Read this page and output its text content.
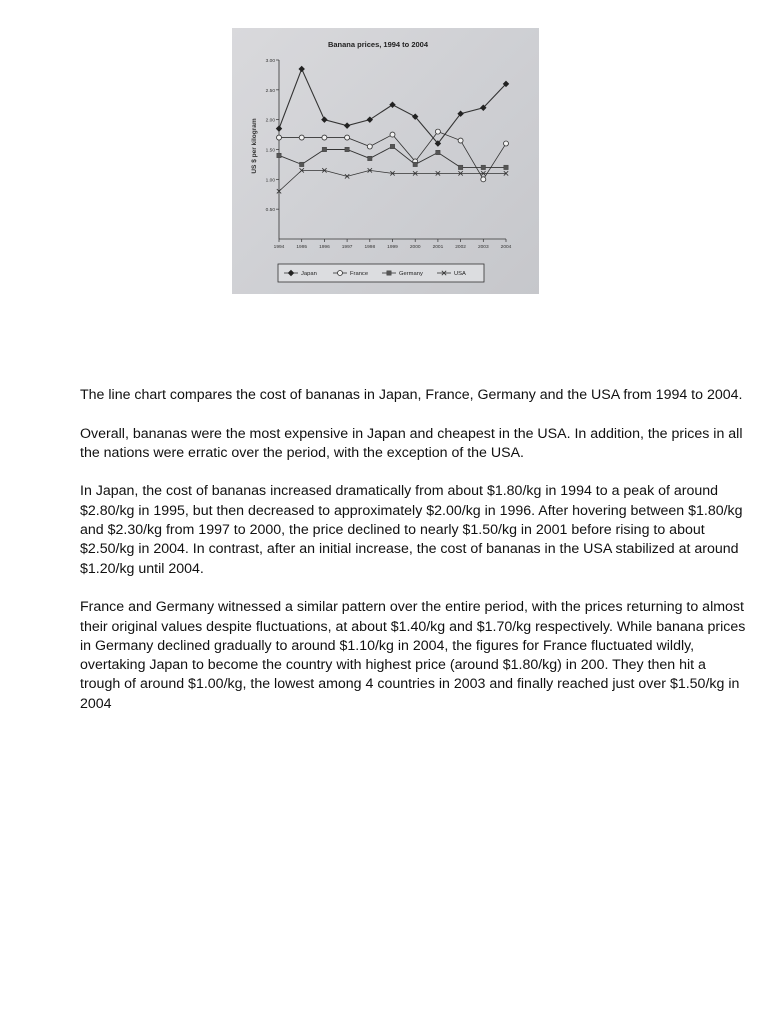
Banana prices, 1994 to 2004
US $ per kilogram
3.00
2.50
2.00
1.50
1.00
0.50
1994	1995	1996	1997	1998	1999	2000	2001	2002	2003	2004
Japan	France	Germany	USA

The line chart compares the cost of bananas in Japan, France, Germany and the USA from 1994 to 2004.

Overall, bananas were the most expensive in Japan and cheapest in the USA. In addition, the prices in all the nations were erratic over the period, with the exception of the USA.

In Japan, the cost of bananas increased dramatically from about $1.80/kg in 1994 to a peak of around $2.80/kg in 1995, but then decreased to approximately $2.00/kg in 1996. After hovering between $1.80/kg and $2.30/kg from 1997 to 2000, the price declined to nearly $1.50/kg in 2001 before rising to about $2.50/kg in 2004. In contrast, after an initial increase, the cost of bananas in the USA stabilized at around $1.20/kg until 2004.

France and Germany witnessed a similar pattern over the entire period, with the prices returning to almost their original values despite fluctuations, at about $1.40/kg and $1.70/kg respectively. While banana prices in Germany declined gradually to around $1.10/kg in 2004, the figures for France fluctuated wildly, overtaking Japan to become the country with highest price (around $1.80/kg) in 200. They then hit a trough of around $1.00/kg, the lowest among 4 countries in 2003 and finally reached just over $1.50/kg in 2004
